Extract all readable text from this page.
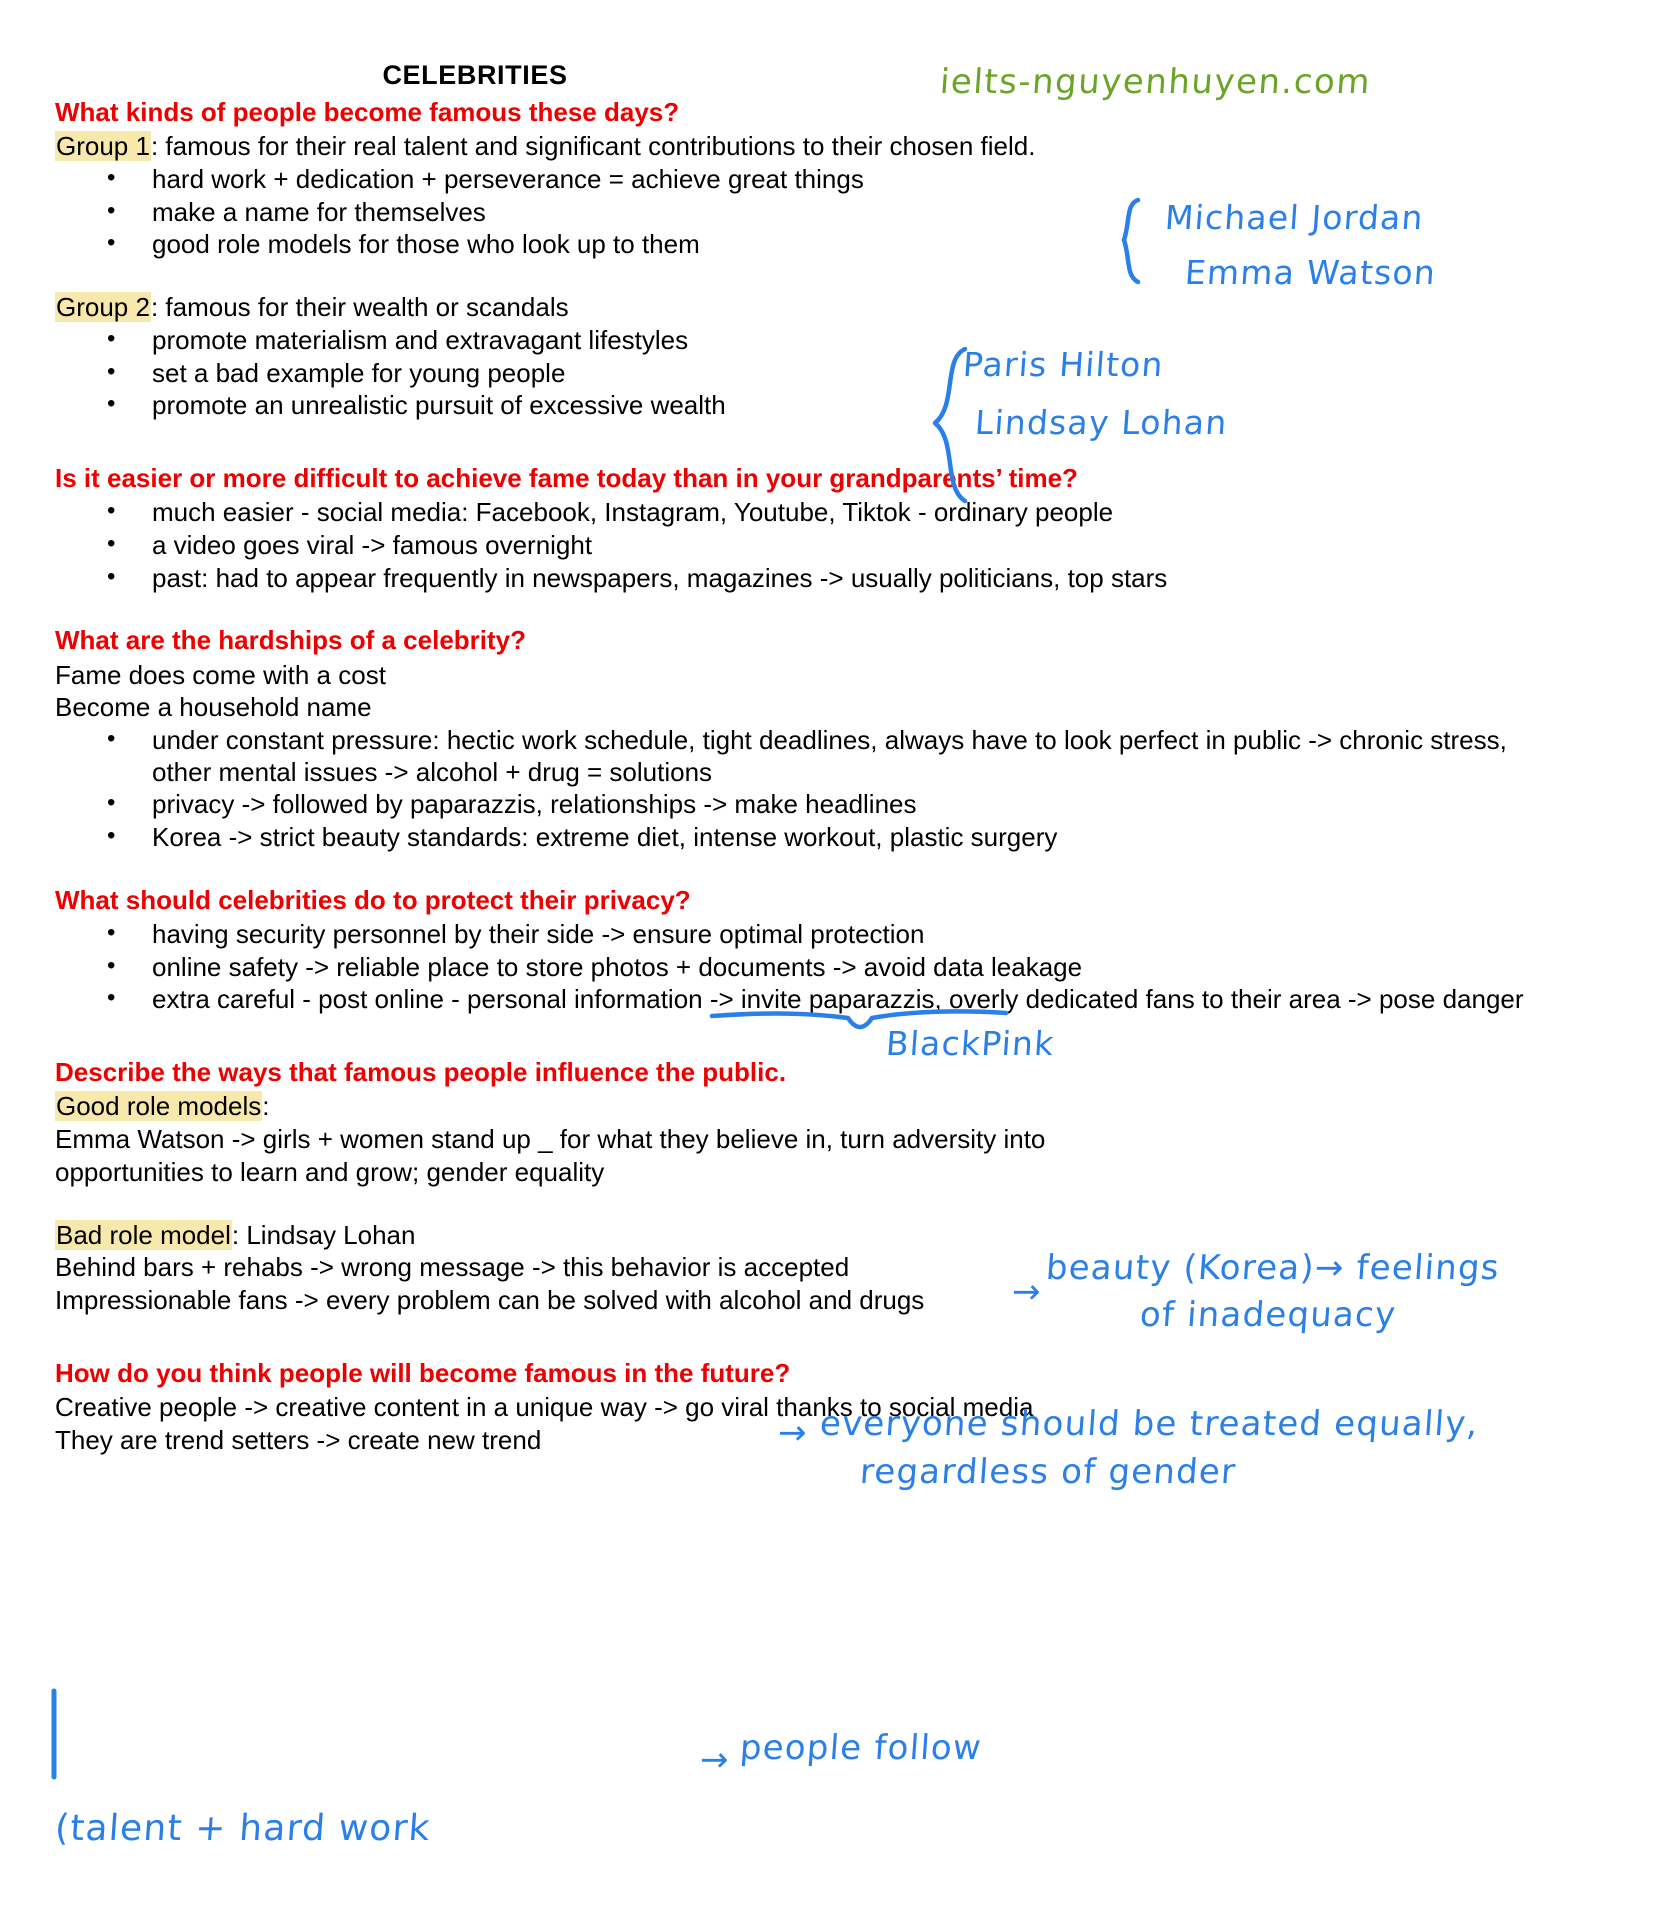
CELEBRITIES
What kinds of people become famous these days?
Group 1: famous for their real talent and significant contributions to their chosen field.
• hard work + dedication + perseverance = achieve great things
• make a name for themselves
• good role models for those who look up to them
Group 2: famous for their wealth or scandals
• promote materialism and extravagant lifestyles
• set a bad example for young people
• promote an unrealistic pursuit of excessive wealth
Is it easier or more difficult to achieve fame today than in your grandparents’ time?
• much easier - social media: Facebook, Instagram, Youtube, Tiktok - ordinary people
• a video goes viral -> famous overnight
• past: had to appear frequently in newspapers, magazines -> usually politicians, top stars
What are the hardships of a celebrity?
Fame does come with a cost
Become a household name
• under constant pressure: hectic work schedule, tight deadlines, always have to look perfect in public -> chronic stress, other mental issues -> alcohol + drug = solutions
• privacy -> followed by paparazzis, relationships -> make headlines
• Korea -> strict beauty standards: extreme diet, intense workout, plastic surgery
What should celebrities do to protect their privacy?
• having security personnel by their side -> ensure optimal protection
• online safety -> reliable place to store photos + documents -> avoid data leakage
• extra careful - post online - personal information -> invite paparazzis, overly dedicated fans to their area -> pose danger
Describe the ways that famous people influence the public.
Good role models:
Emma Watson -> girls + women stand up _ for what they believe in, turn adversity into
opportunities to learn and grow; gender equality
Bad role model: Lindsay Lohan
Behind bars + rehabs -> wrong message -> this behavior is accepted
Impressionable fans -> every problem can be solved with alcohol and drugs
How do you think people will become famous in the future?
Creative people -> creative content in a unique way -> go viral thanks to social media
They are trend setters -> create new trend
ielts-nguyenhuyen.com
Michael Jordan
Emma Watson
Paris Hilton
Lindsay Lohan
BlackPink
→
beauty (Korea)→ feelings
of inadequacy
→ everyone should be treated equally,
regardless of gender
→ people follow
(talent + hard work
